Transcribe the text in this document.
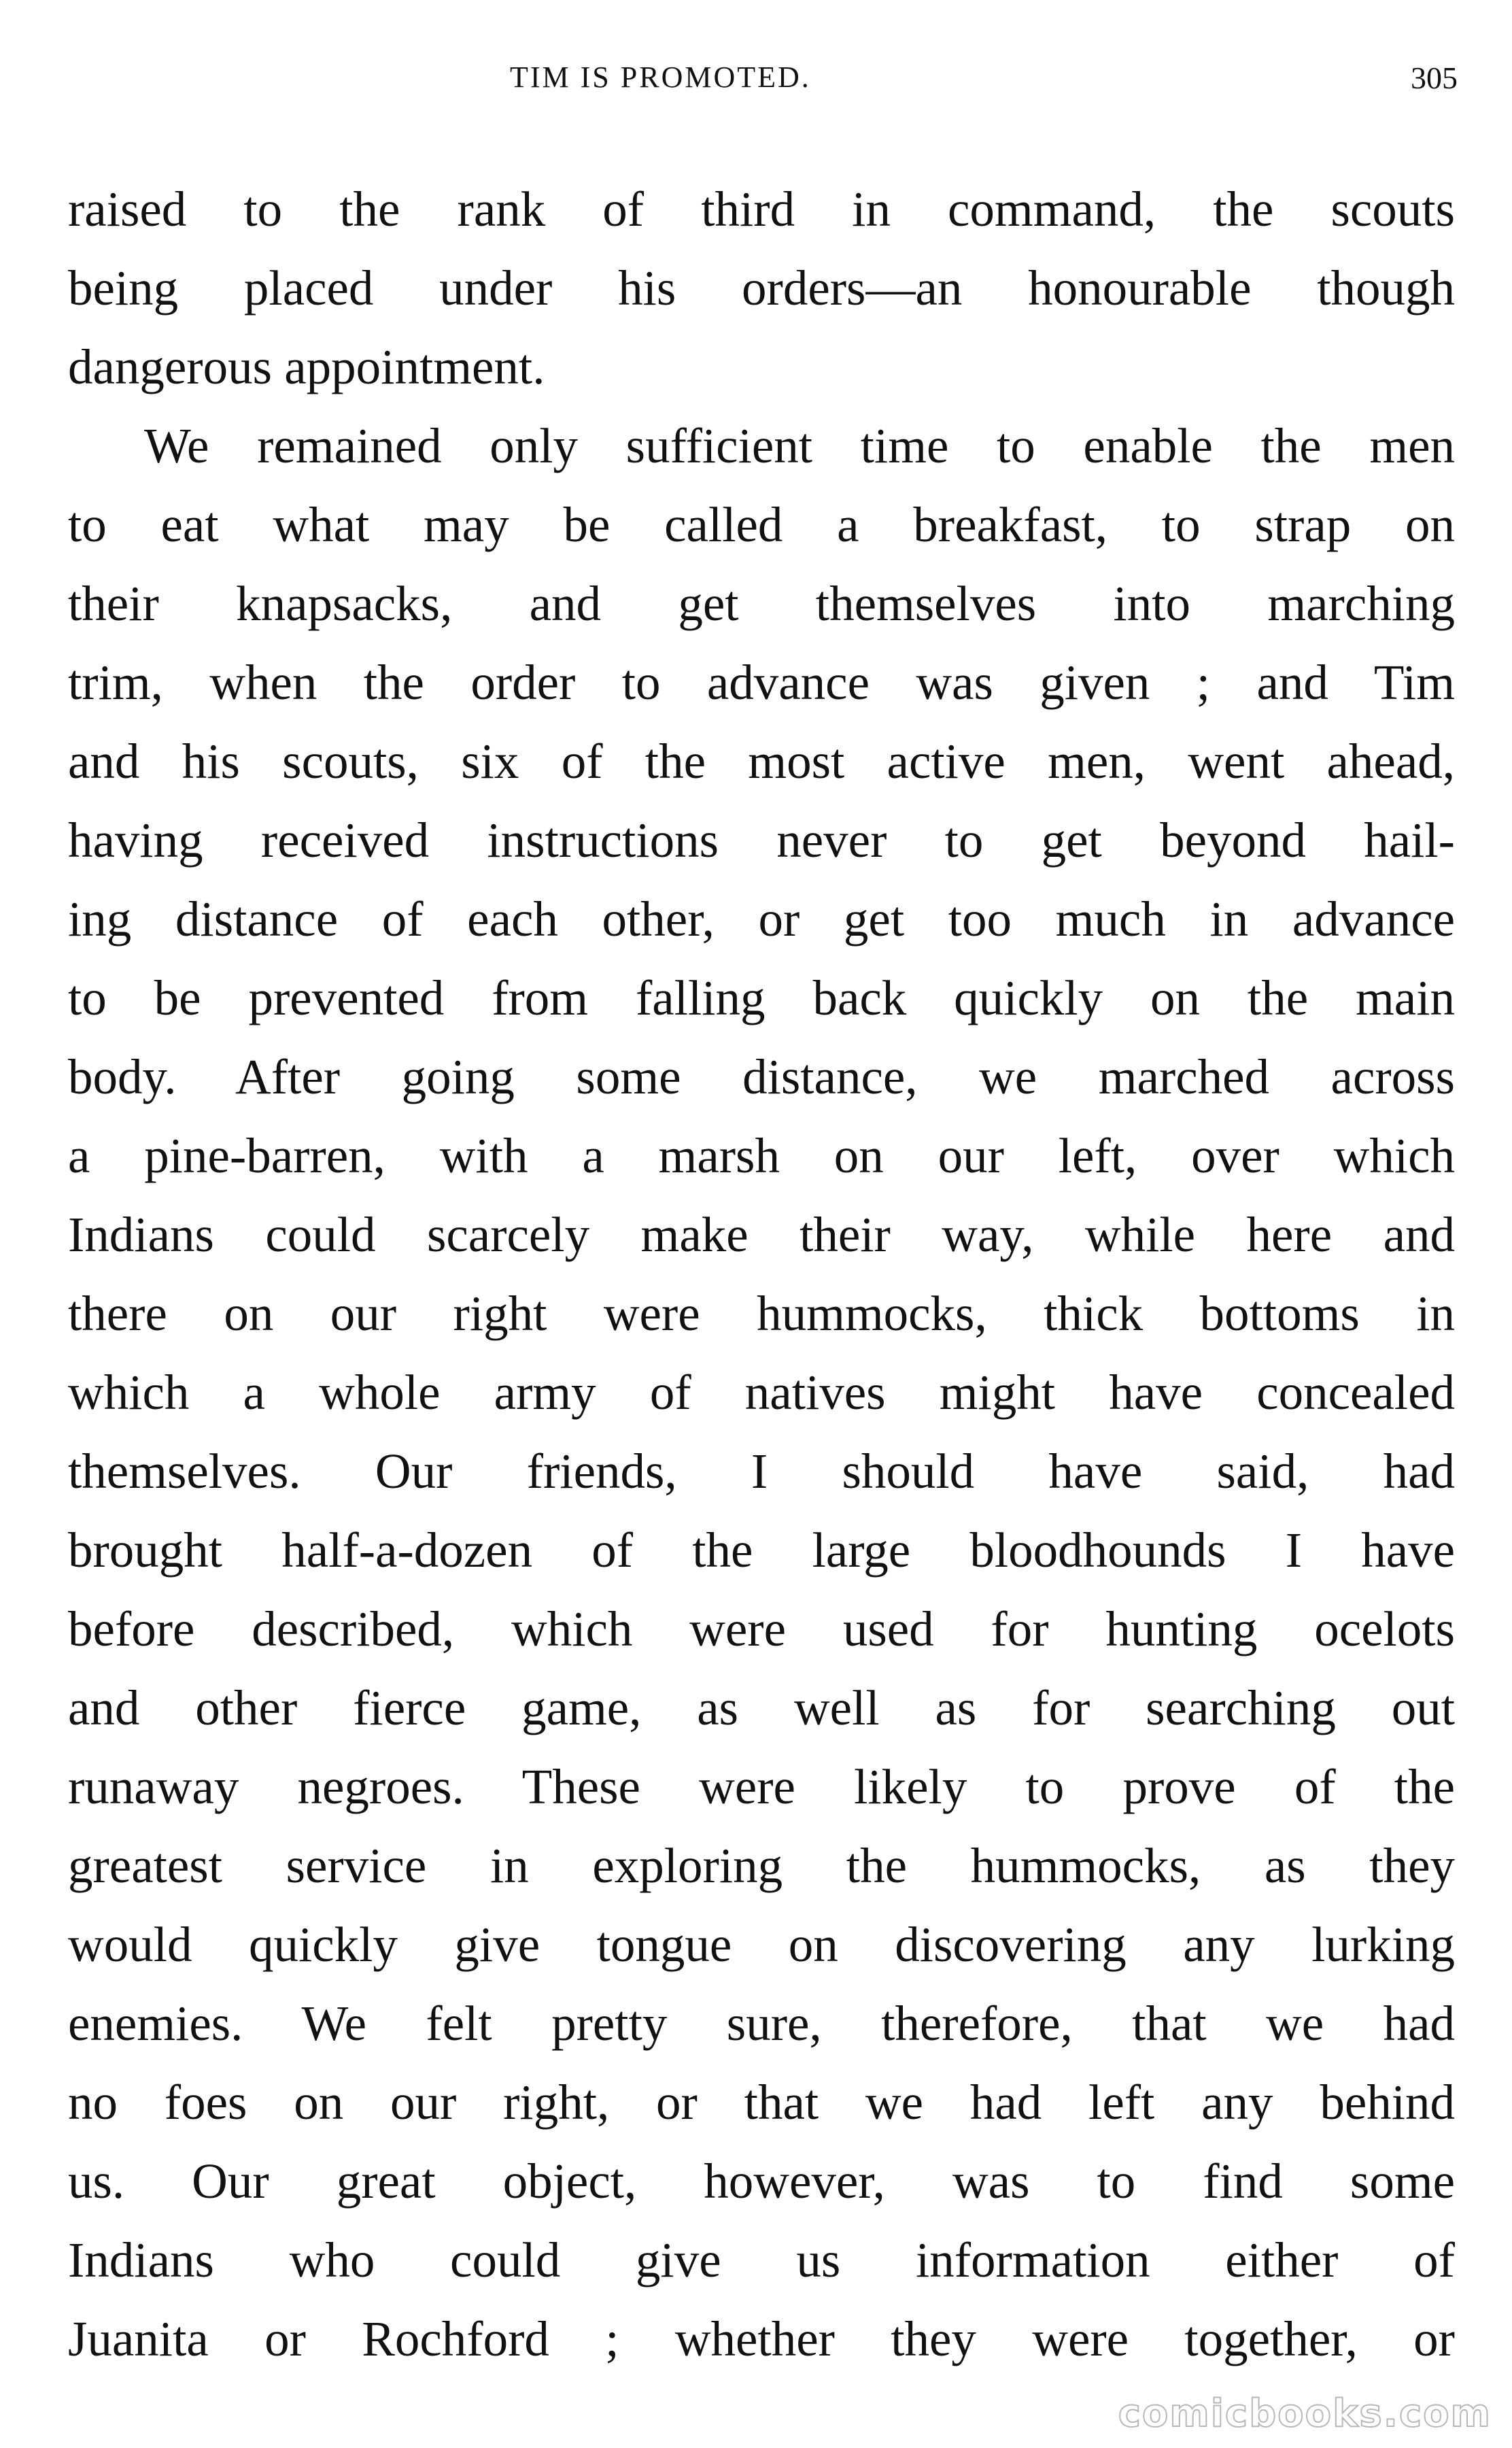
TIM IS PROMOTED.	305
raised to the rank of third in command, the scouts
being placed under his orders—an honourable though
dangerous appointment.
We remained only sufficient time to enable the men
to eat what may be called a breakfast, to strap on
their knapsacks, and get themselves into marching
trim, when the order to advance was given ; and Tim
and his scouts, six of the most active men, went ahead,
having received instructions never to get beyond hail-
ing distance of each other, or get too much in advance
to be prevented from falling back quickly on the main
body. After going some distance, we marched across
a pine-barren, with a marsh on our left, over which
Indians could scarcely make their way, while here and
there on our right were hummocks, thick bottoms in
which a whole army of natives might have concealed
themselves. Our friends, I should have said, had
brought half-a-dozen of the large bloodhounds I have
before described, which were used for hunting ocelots
and other fierce game, as well as for searching out
runaway negroes. These were likely to prove of the
greatest service in exploring the hummocks, as they
would quickly give tongue on discovering any lurking
enemies. We felt pretty sure, therefore, that we had
no foes on our right, or that we had left any behind
us. Our great object, however, was to find some
Indians who could give us information either of
Juanita or Rochford ; whether they were together, or
comicbooks.com
